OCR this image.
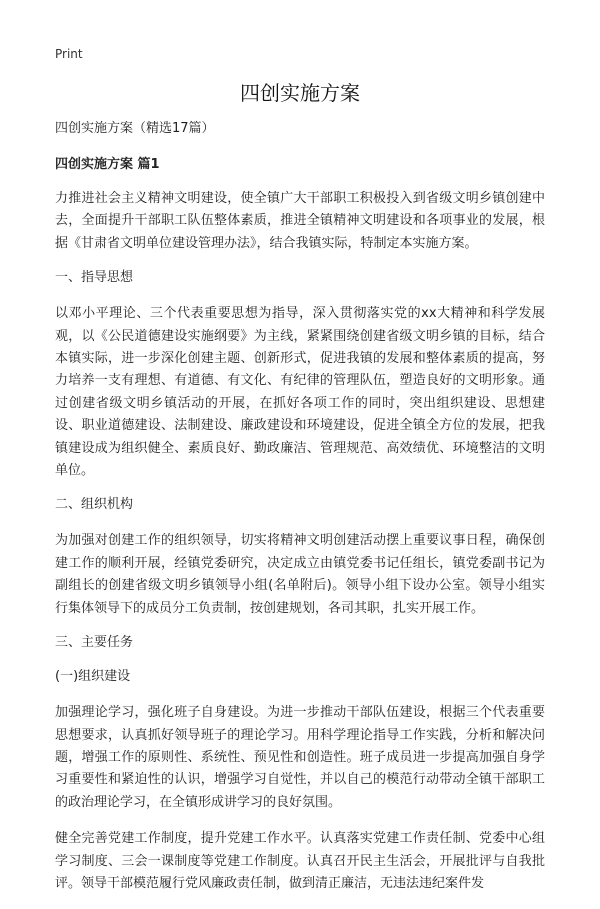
Print
四创实施方案
四创实施方案（精选17篇）
四创实施方案 篇1
力推进社会主义精神文明建设，使全镇广大干部职工积极投入到省级文明乡镇创建中去，全面提升干部职工队伍整体素质，推进全镇精神文明建设和各项事业的发展，根据《甘肃省文明单位建设管理办法》，结合我镇实际，特制定本实施方案。
一、指导思想
以邓小平理论、三个代表重要思想为指导，深入贯彻落实党的xx大精神和科学发展观，以《公民道德建设实施纲要》为主线，紧紧围绕创建省级文明乡镇的目标，结合本镇实际，进一步深化创建主题、创新形式，促进我镇的发展和整体素质的提高，努力培养一支有理想、有道德、有文化、有纪律的管理队伍，塑造良好的文明形象。通过创建省级文明乡镇活动的开展，在抓好各项工作的同时，突出组织建设、思想建设、职业道德建设、法制建设、廉政建设和环境建设，促进全镇全方位的发展，把我镇建设成为组织健全、素质良好、勤政廉洁、管理规范、高效绩优、环境整洁的文明单位。
二、组织机构
为加强对创建工作的组织领导，切实将精神文明创建活动摆上重要议事日程，确保创建工作的顺利开展，经镇党委研究，决定成立由镇党委书记任组长，镇党委副书记为副组长的创建省级文明乡镇领导小组(名单附后)。领导小组下设办公室。领导小组实行集体领导下的成员分工负责制，按创建规划，各司其职，扎实开展工作。
三、主要任务
(一)组织建设
加强理论学习，强化班子自身建设。为进一步推动干部队伍建设，根据三个代表重要思想要求，认真抓好领导班子的理论学习。用科学理论指导工作实践，分析和解决问题，增强工作的原则性、系统性、预见性和创造性。班子成员进一步提高加强自身学习重要性和紧迫性的认识，增强学习自觉性，并以自己的模范行动带动全镇干部职工的政治理论学习，在全镇形成讲学习的良好氛围。
健全完善党建工作制度，提升党建工作水平。认真落实党建工作责任制、党委中心组学习制度、三会一课制度等党建工作制度。认真召开民主生活会，开展批评与自我批评。领导干部模范履行党风廉政责任制，做到清正廉洁，无违法违纪案件发
